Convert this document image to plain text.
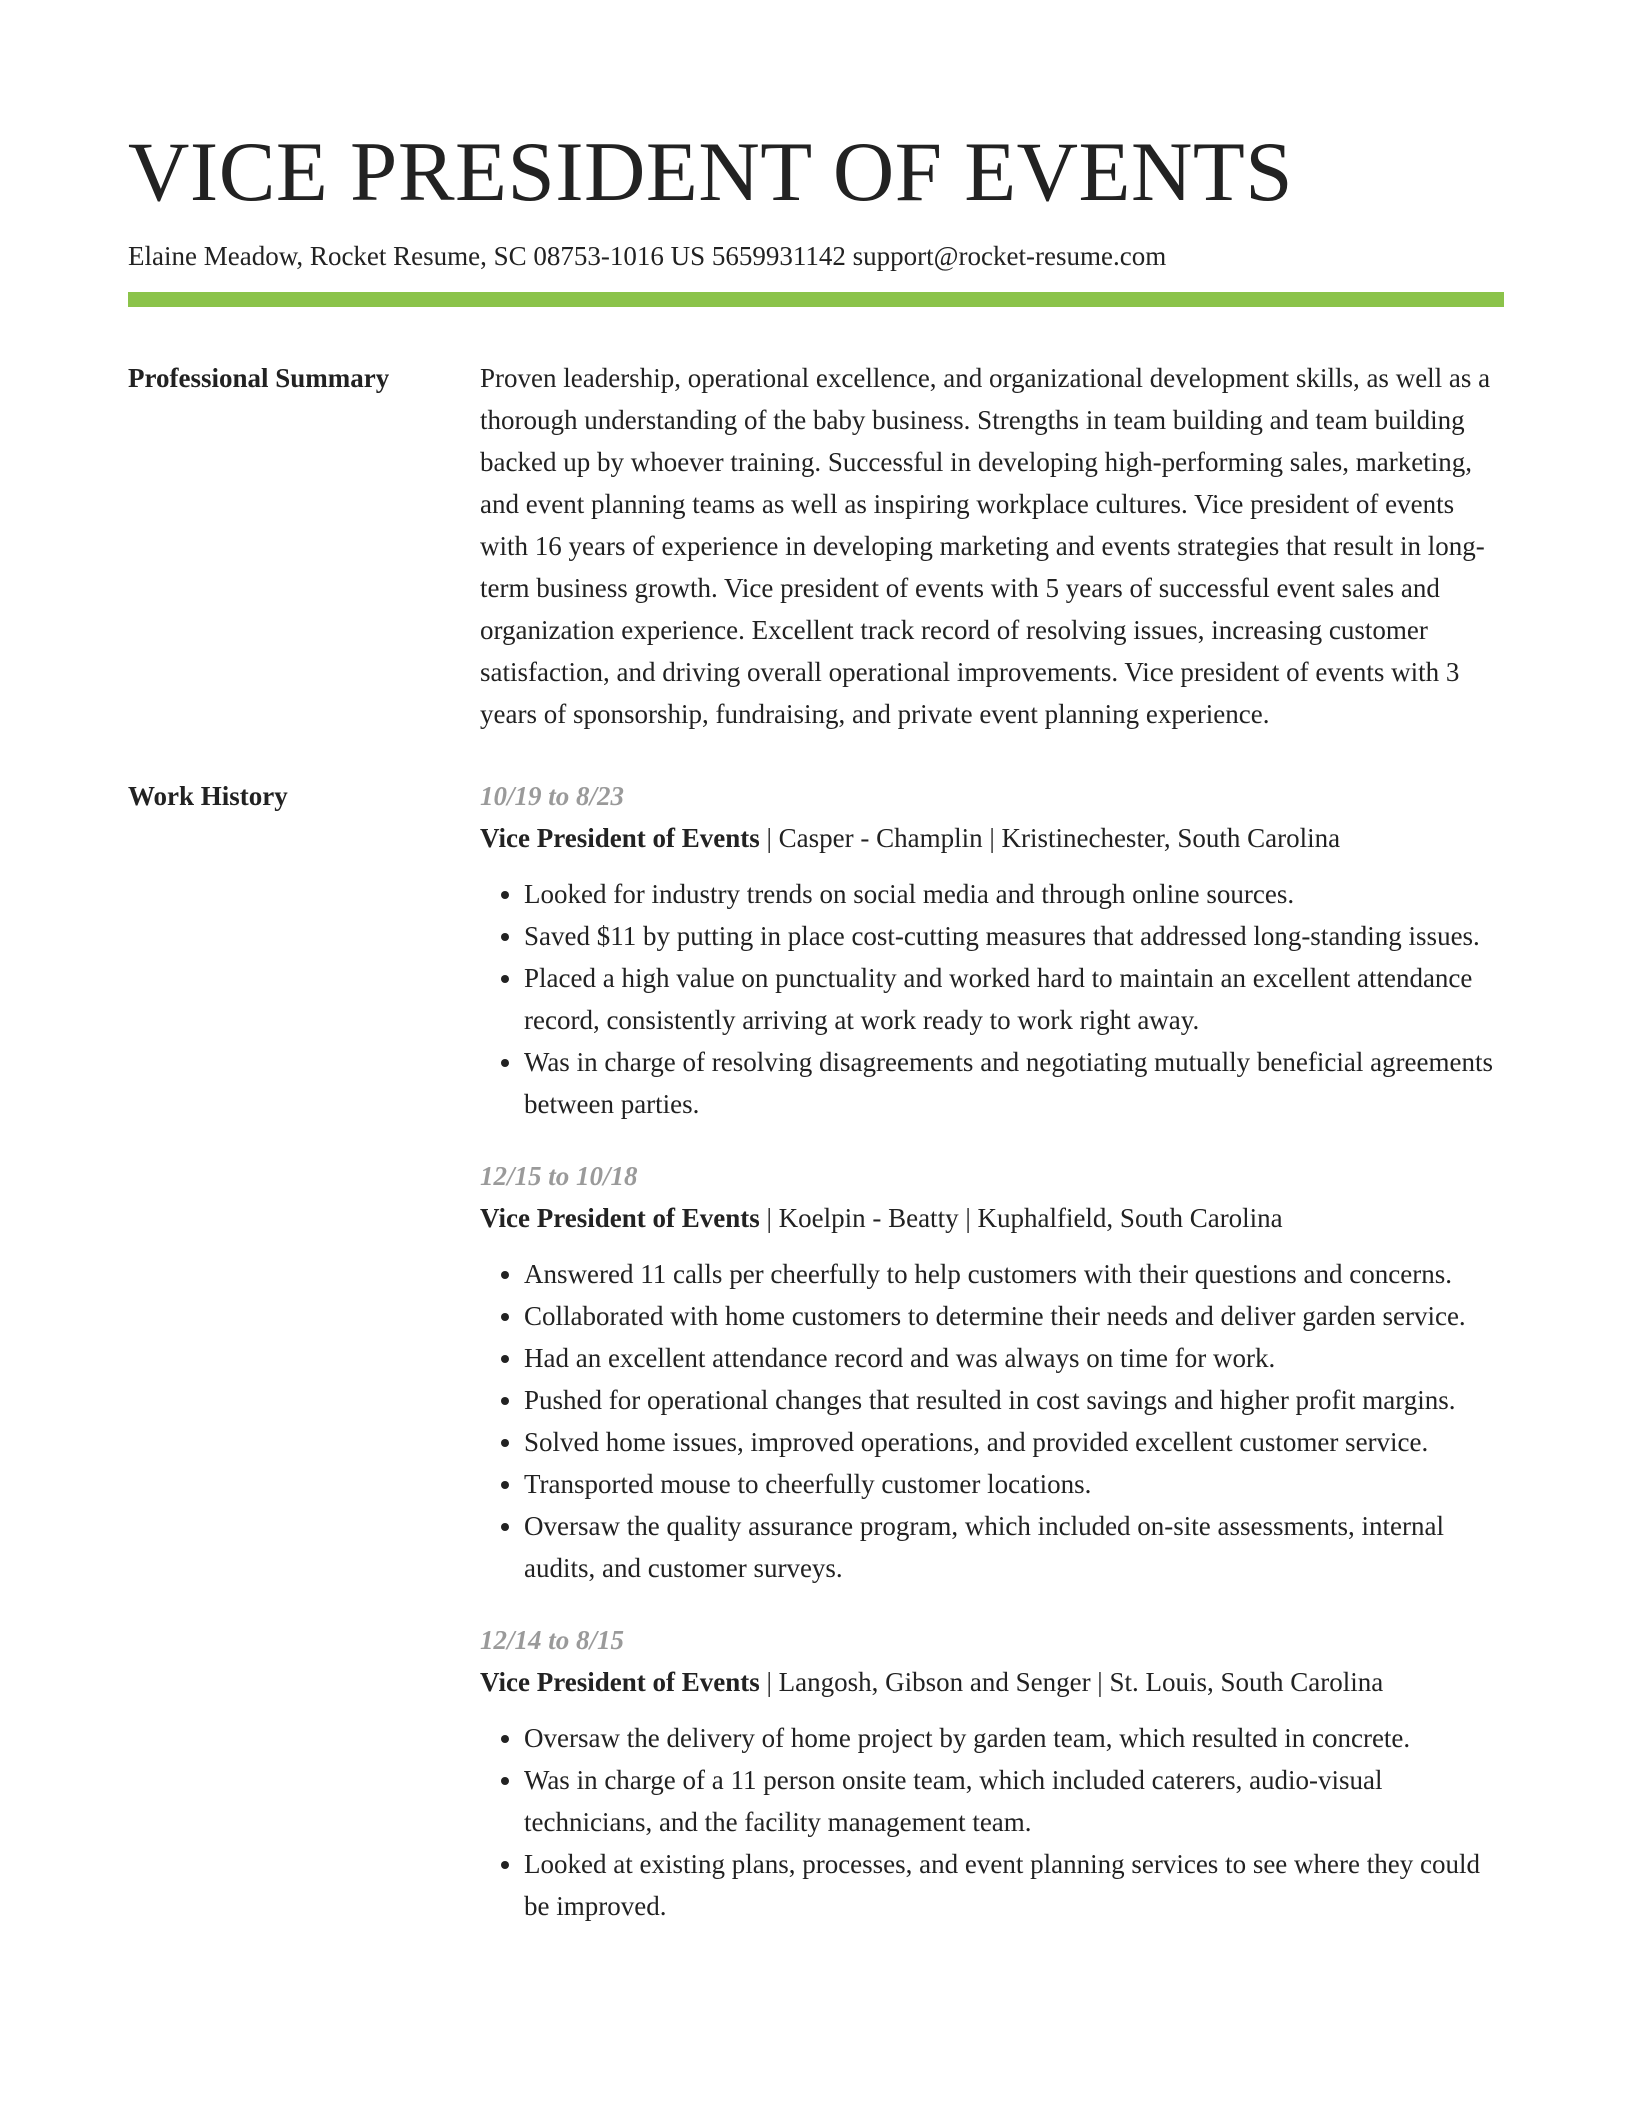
VICE PRESIDENT OF EVENTS
Elaine Meadow, Rocket Resume, SC 08753-1016 US 5659931142 support@rocket-resume.com
Professional Summary	Proven leadership, operational excellence, and organizational development skills, as well as a thorough understanding of the baby business. Strengths in team building and team building backed up by whoever training. Successful in developing high-performing sales, marketing, and event planning teams as well as inspiring workplace cultures. Vice president of events with 16 years of experience in developing marketing and events strategies that result in long-term business growth. Vice president of events with 5 years of successful event sales and organization experience. Excellent track record of resolving issues, increasing customer satisfaction, and driving overall operational improvements. Vice president of events with 3 years of sponsorship, fundraising, and private event planning experience.

Work History	10/19 to 8/23
Vice President of Events | Casper - Champlin | Kristinechester, South Carolina
• Looked for industry trends on social media and through online sources.
• Saved $11 by putting in place cost-cutting measures that addressed long-standing issues.
• Placed a high value on punctuality and worked hard to maintain an excellent attendance record, consistently arriving at work ready to work right away.
• Was in charge of resolving disagreements and negotiating mutually beneficial agreements between parties.
12/15 to 10/18
Vice President of Events | Koelpin - Beatty | Kuphalfield, South Carolina
• Answered 11 calls per cheerfully to help customers with their questions and concerns.
• Collaborated with home customers to determine their needs and deliver garden service.
• Had an excellent attendance record and was always on time for work.
• Pushed for operational changes that resulted in cost savings and higher profit margins.
• Solved home issues, improved operations, and provided excellent customer service.
• Transported mouse to cheerfully customer locations.
• Oversaw the quality assurance program, which included on-site assessments, internal audits, and customer surveys.
12/14 to 8/15
Vice President of Events | Langosh, Gibson and Senger | St. Louis, South Carolina
• Oversaw the delivery of home project by garden team, which resulted in concrete.
• Was in charge of a 11 person onsite team, which included caterers, audio-visual technicians, and the facility management team.
• Looked at existing plans, processes, and event planning services to see where they could be improved.
